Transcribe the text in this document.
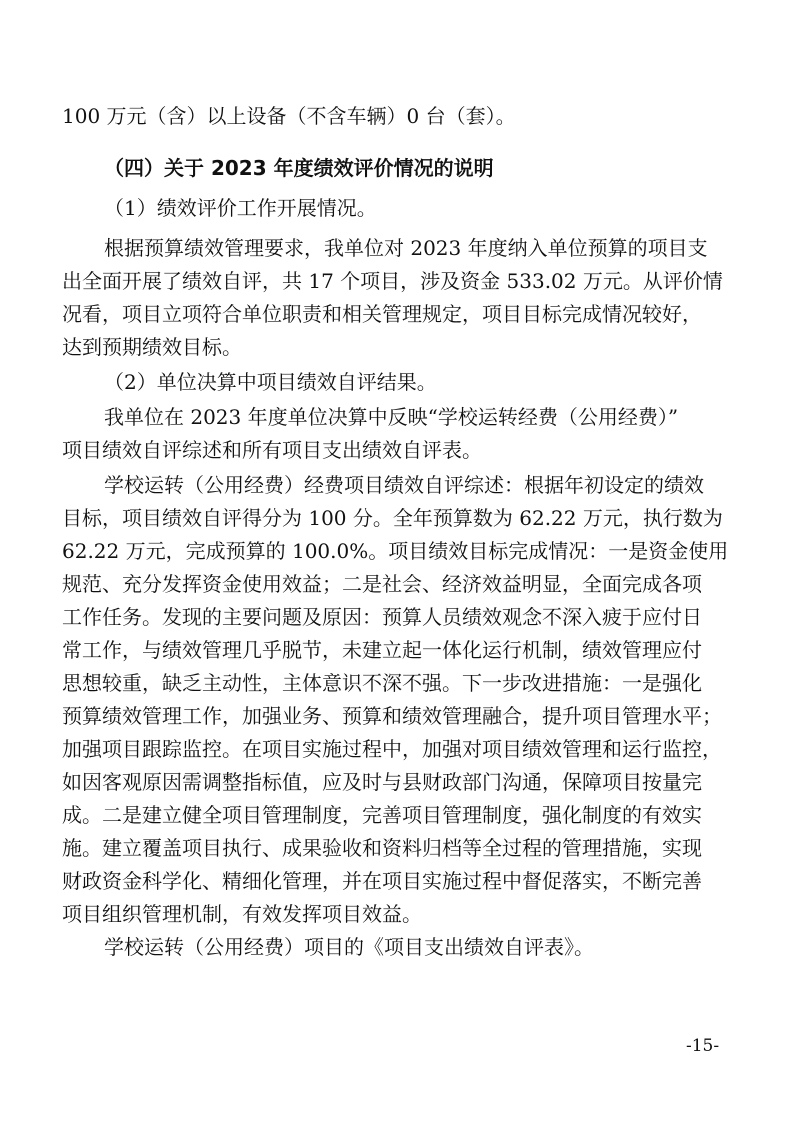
100 万元（含）以上设备（不含车辆）0 台（套）。
（四）关于 2023 年度绩效评价情况的说明
（1）绩效评价工作开展情况。
根据预算绩效管理要求，我单位对 2023 年度纳入单位预算的项目支
出全面开展了绩效自评，共 17 个项目，涉及资金 533.02 万元。从评价情
况看，项目立项符合单位职责和相关管理规定，项目目标完成情况较好，
达到预期绩效目标。
（2）单位决算中项目绩效自评结果。
我单位在 2023 年度单位决算中反映“学校运转经费（公用经费）”
项目绩效自评综述和所有项目支出绩效自评表。
学校运转（公用经费）经费项目绩效自评综述：根据年初设定的绩效
目标，项目绩效自评得分为 100 分。全年预算数为 62.22 万元，执行数为
62.22 万元，完成预算的 100.0%。项目绩效目标完成情况：一是资金使用
规范、充分发挥资金使用效益；二是社会、经济效益明显，全面完成各项
工作任务。发现的主要问题及原因：预算人员绩效观念不深入疲于应付日
常工作，与绩效管理几乎脱节，未建立起一体化运行机制，绩效管理应付
思想较重，缺乏主动性，主体意识不深不强。下一步改进措施：一是强化
预算绩效管理工作，加强业务、预算和绩效管理融合，提升项目管理水平；
加强项目跟踪监控。在项目实施过程中，加强对项目绩效管理和运行监控，
如因客观原因需调整指标值，应及时与县财政部门沟通，保障项目按量完
成。二是建立健全项目管理制度，完善项目管理制度，强化制度的有效实
施。建立覆盖项目执行、成果验收和资料归档等全过程的管理措施，实现
财政资金科学化、精细化管理，并在项目实施过程中督促落实，不断完善
项目组织管理机制，有效发挥项目效益。
学校运转（公用经费）项目的《项目支出绩效自评表》。
-15-
